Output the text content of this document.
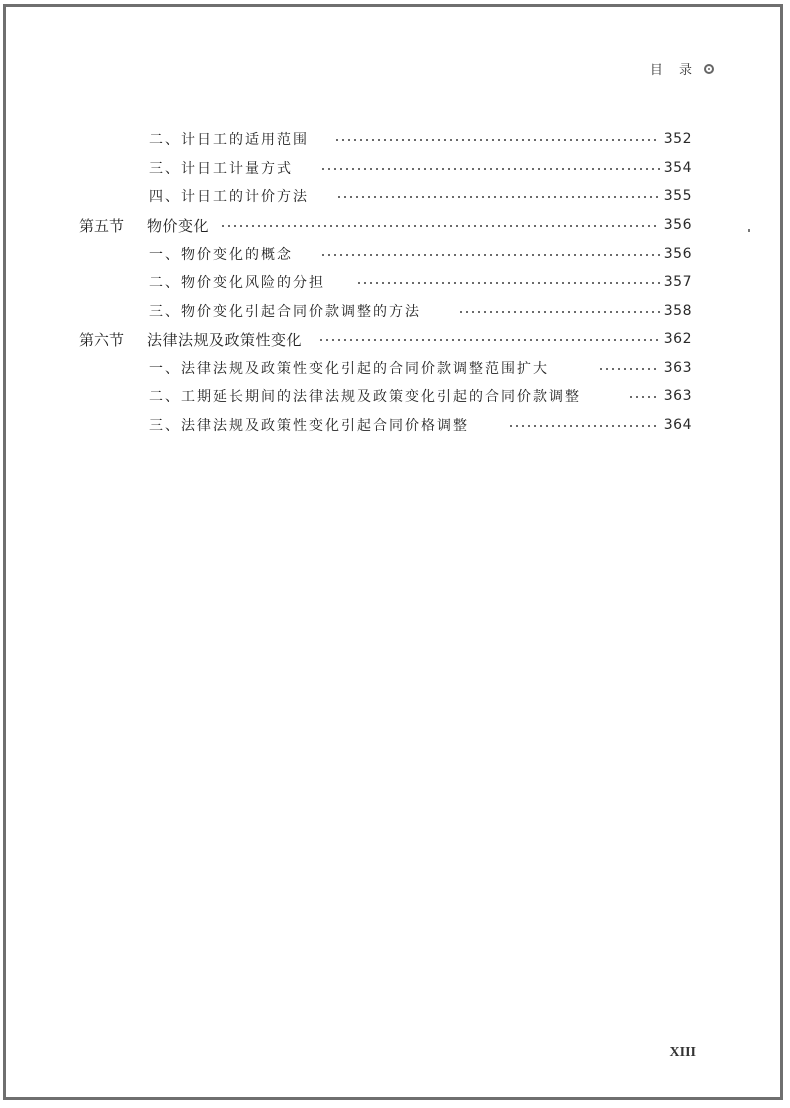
目 录
二、计日工的适用范围	352
三、计日工计量方式	354
四、计日工的计价方法	355
第五节	物价变化	356
一、物价变化的概念	356
二、物价变化风险的分担	357
三、物价变化引起合同价款调整的方法	358
第六节	法律法规及政策性变化	362
一、法律法规及政策性变化引起的合同价款调整范围扩大	363
二、工期延长期间的法律法规及政策变化引起的合同价款调整	363
三、法律法规及政策性变化引起合同价格调整	364
XIII
